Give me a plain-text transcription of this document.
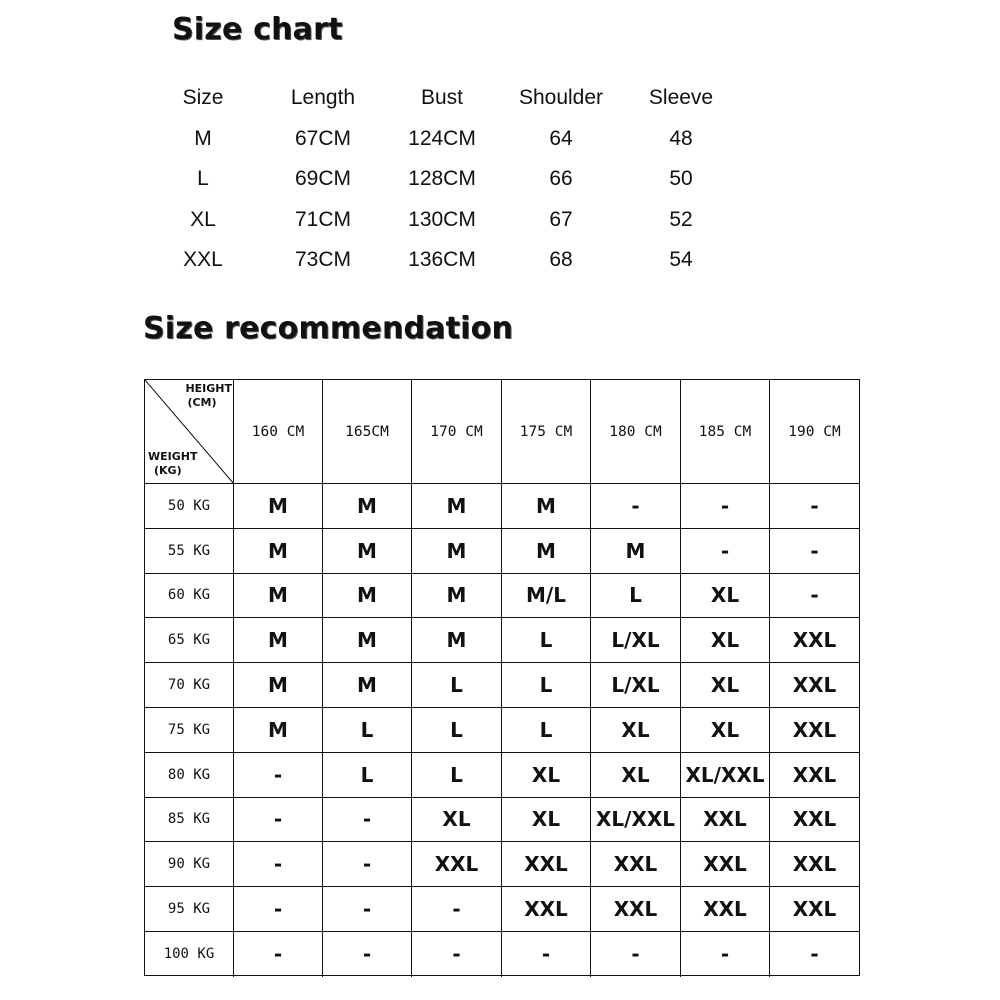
Size chart
Size	Length	Bust	Shoulder	Sleeve
M	67CM	124CM	64	48
L	69CM	128CM	66	50
XL	71CM	130CM	67	52
XXL	73CM	136CM	68	54
Size recommendation
HEIGHT
(CM)
WEIGHT
(KG)
160 CM	165CM	170 CM	175 CM	180 CM	185 CM	190 CM
50 KG	M	M	M	M	-	-	-
55 KG	M	M	M	M	M	-	-
60 KG	M	M	M	M/L	L	XL	-
65 KG	M	M	M	L	L/XL	XL	XXL
70 KG	M	M	L	L	L/XL	XL	XXL
75 KG	M	L	L	L	XL	XL	XXL
80 KG	-	L	L	XL	XL	XL/XXL	XXL
85 KG	-	-	XL	XL	XL/XXL	XXL	XXL
90 KG	-	-	XXL	XXL	XXL	XXL	XXL
95 KG	-	-	-	XXL	XXL	XXL	XXL
100 KG	-	-	-	-	-	-	-
